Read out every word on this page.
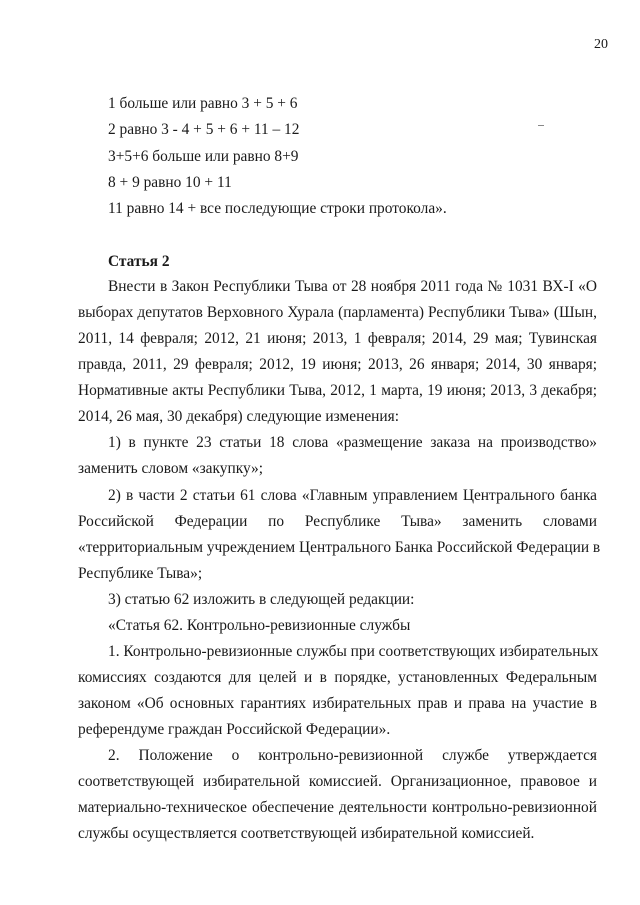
20
1 больше или равно 3 + 5 + 6
2 равно 3 - 4 + 5 + 6 + 11 – 12
3+5+6 больше или равно 8+9
8 + 9 равно 10 + 11
11 равно 14 + все последующие строки протокола».
Статья 2
Внести в Закон Республики Тыва от 28 ноября 2011 года № 1031 ВХ-I «О
выборах депутатов Верховного Хурала (парламента) Республики Тыва» (Шын,
2011, 14 февраля; 2012, 21 июня; 2013, 1 февраля; 2014, 29 мая; Тувинская
правда, 2011, 29 февраля; 2012, 19 июня; 2013, 26 января; 2014, 30 января;
Нормативные акты Республики Тыва, 2012, 1 марта, 19 июня; 2013, 3 декабря;
2014, 26 мая, 30 декабря) следующие изменения:
1) в пункте 23 статьи 18 слова «размещение заказа на производство»
заменить словом «закупку»;
2) в части 2 статьи 61 слова «Главным управлением Центрального банка
Российской Федерации по Республике Тыва» заменить словами
«территориальным учреждением Центрального Банка Российской Федерации в
Республике Тыва»;
3) статью 62 изложить в следующей редакции:
«Статья 62. Контрольно-ревизионные службы
1. Контрольно-ревизионные службы при соответствующих избирательных
комиссиях создаются для целей и в порядке, установленных Федеральным
законом «Об основных гарантиях избирательных прав и права на участие в
референдуме граждан Российской Федерации».
2. Положение о контрольно-ревизионной службе утверждается
соответствующей избирательной комиссией. Организационное, правовое и
материально-техническое обеспечение деятельности контрольно-ревизионной
службы осуществляется соответствующей избирательной комиссией.
